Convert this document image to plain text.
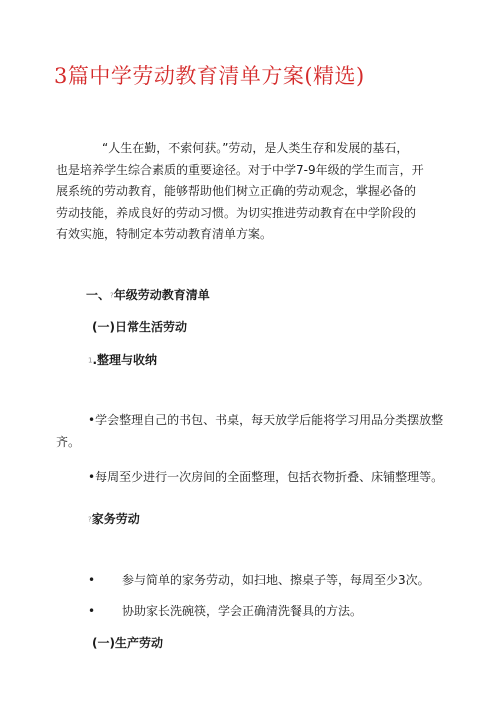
3篇中学劳动教育清单方案(精选)

“人生在勤，不索何获。”劳动，是人类生存和发展的基石，

也是培养学生综合素质的重要途径。对于中学7-9年级的学生而言，开

展系统的劳动教育，能够帮助他们树立正确的劳动观念，掌握必备的

劳动技能，养成良好的劳动习惯。为切实推进劳动教育在中学阶段的

有效实施，特制定本劳动教育清单方案。

一、?年级劳动教育清单
(一)日常生活劳动
1.整理与收纳

•学会整理自己的书包、书桌，每天放学后能将学习用品分类摆放整齐。

•每周至少进行一次房间的全面整理，包括衣物折叠、床铺整理等。

?家务劳动

• 参与简单的家务劳动，如扫地、擦桌子等，每周至少3次。

• 协助家长洗碗筷，学会正确清洗餐具的方法。

(一)生产劳动
